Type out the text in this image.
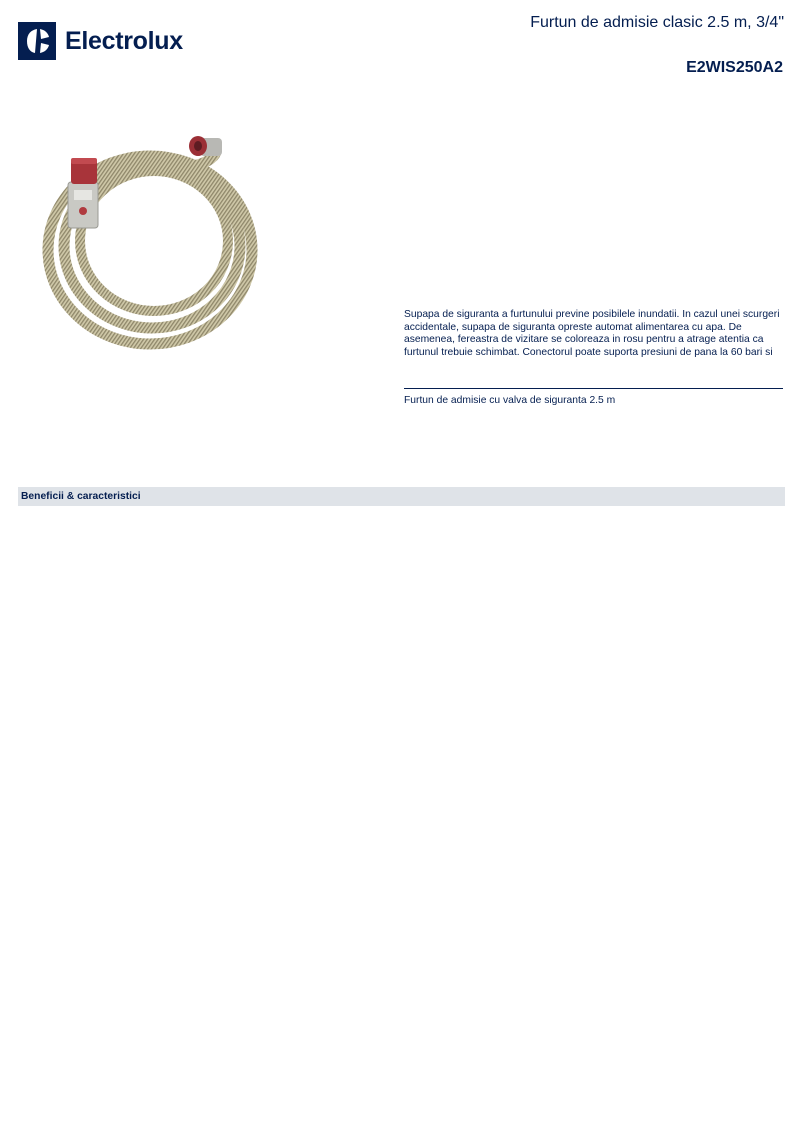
Electrolux
Furtun de admisie clasic 2.5 m, 3/4"
E2WIS250A2
Supapa de siguranta a furtunului previne posibilele inundatii. In cazul unei scurgeri accidentale, supapa de siguranta opreste automat alimentarea cu apa. De asemenea, fereastra de vizitare se coloreaza in rosu pentru a atrage atentia ca furtunul trebuie schimbat. Conectorul poate suporta presiuni de pana la 60 bari si
Furtun de admisie cu valva de siguranta 2.5 m
Beneficii & caracteristici
